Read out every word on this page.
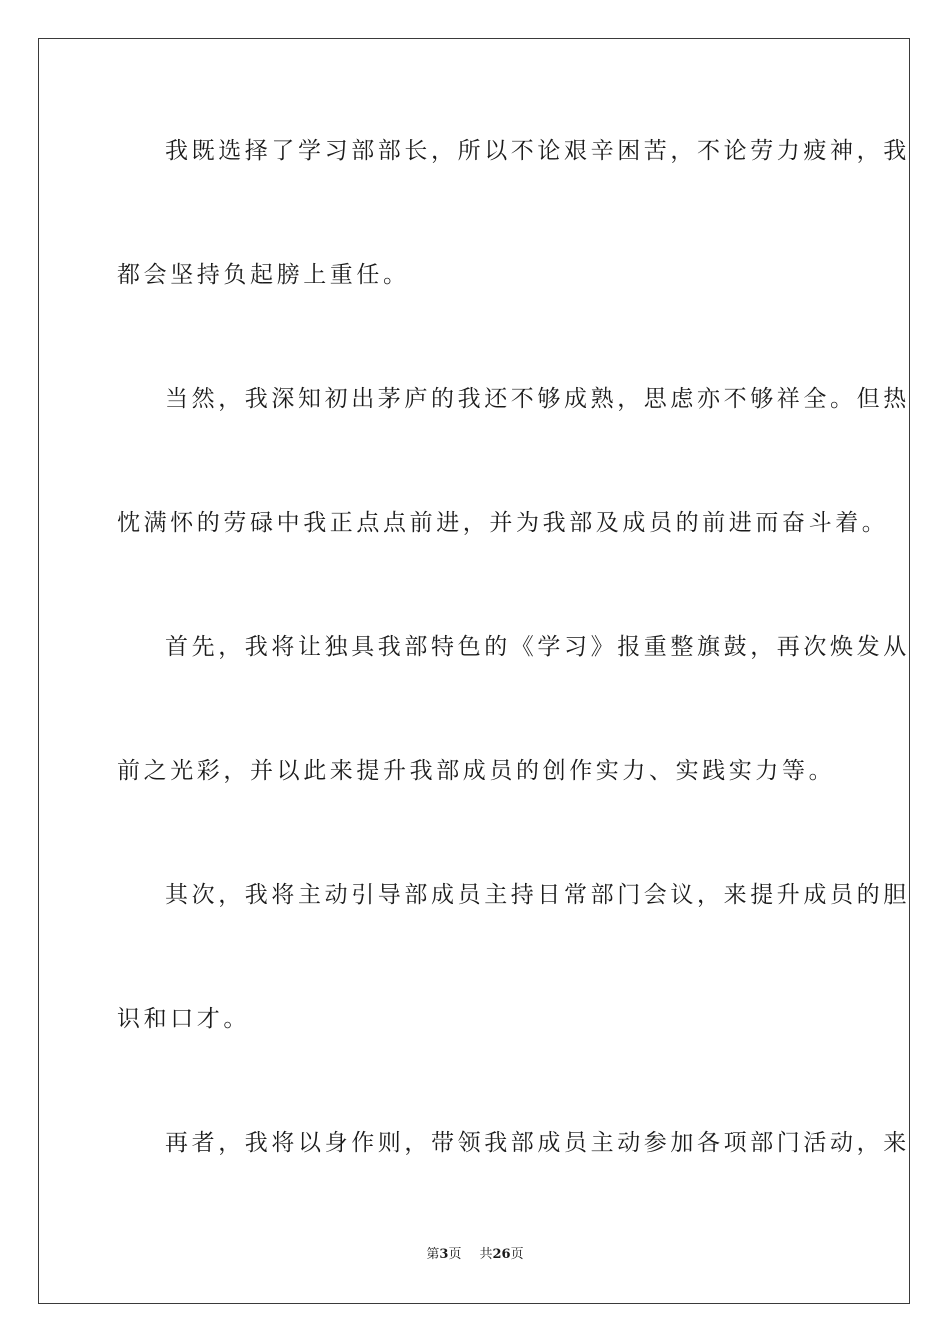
我既选择了学习部部长，所以不论艰辛困苦，不论劳力疲神，我
都会坚持负起膀上重任。
当然，我深知初出茅庐的我还不够成熟，思虑亦不够祥全。但热
忱满怀的劳碌中我正点点前进，并为我部及成员的前进而奋斗着。
首先，我将让独具我部特色的《学习》报重整旗鼓，再次焕发从
前之光彩，并以此来提升我部成员的创作实力、实践实力等。
其次，我将主动引导部成员主持日常部门会议，来提升成员的胆
识和口才。
再者，我将以身作则，带领我部成员主动参加各项部门活动，来
第3页 共26页
